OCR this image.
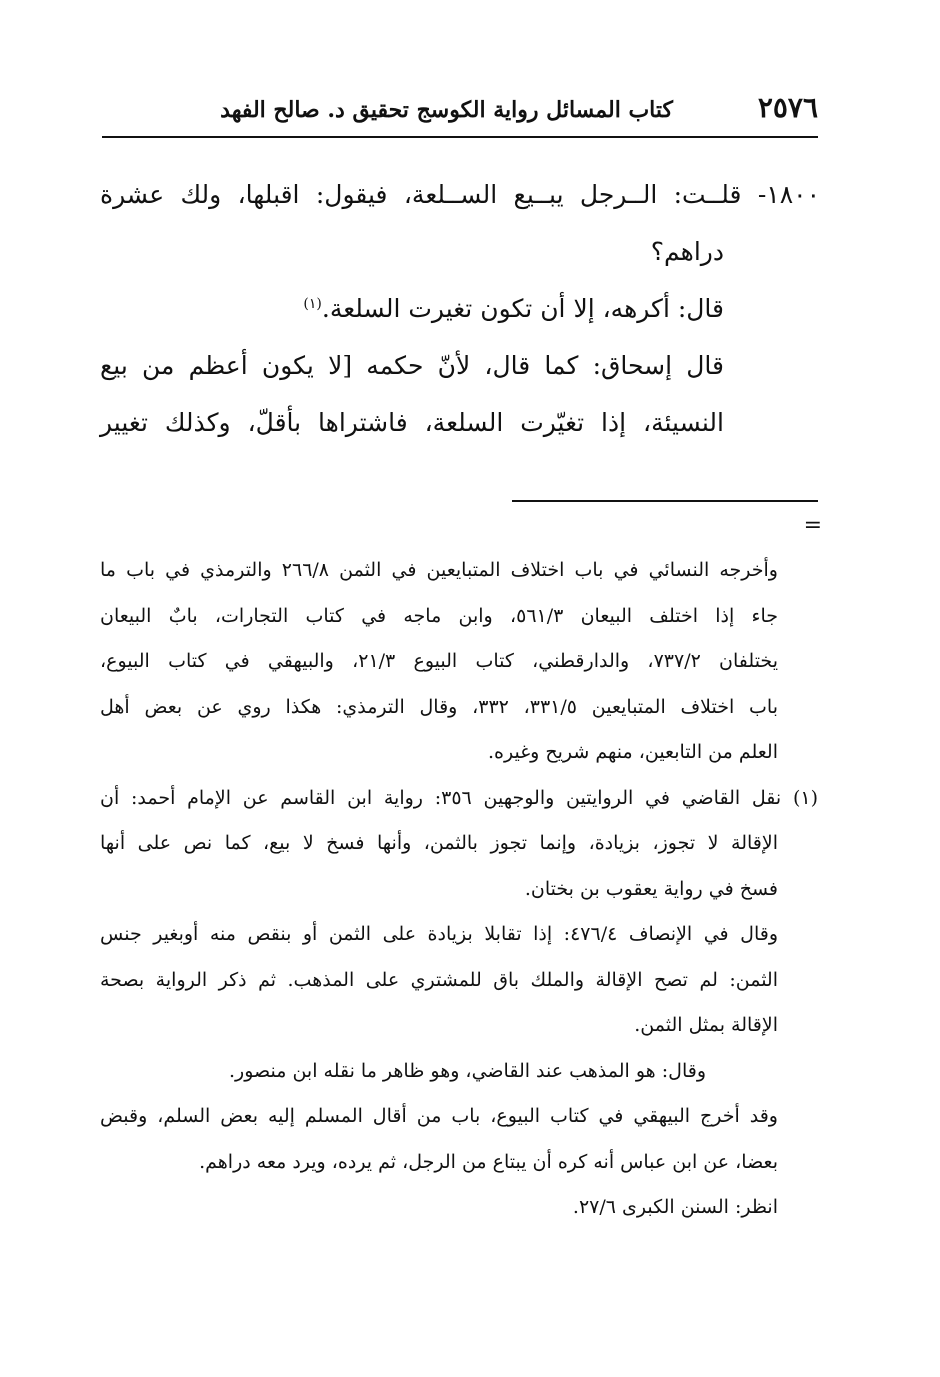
٢٥٧٦
كتاب المسائل رواية الكوسج تحقيق د. صالح الفهد

١٨٠٠- قلــت: الــرجل يبــيع الســلعة، فيقول: اقبلها، ولك عشرة

دراهم؟

قال: أكرهه، إلا أن تكون تغيرت السلعة.$^{(١)}$

قال إسحاق: كما قال، لأنّ حكمه [لا يكون أعظم من بيع

النسيئة، إذا تغيّرت السلعة، فاشتراها بأقلّ، وكذلك تغيير

=
وأخرجه النسائي في باب اختلاف المتبايعين في الثمن ٢٦٦/٨ والترمذي في باب ما
جاء إذا اختلف البيعان ٥٦١/٣، وابن ماجه في كتاب التجارات، بابٌ البيعان
يختلفان ٧٣٧/٢، والدارقطني، كتاب البيوع ٢١/٣، والبيهقي في كتاب البيوع،
باب اختلاف المتبايعين ٣٣١/٥، ٣٣٢، وقال الترمذي: هكذا روي عن بعض أهل
العلم من التابعين، منهم شريح وغيره.
(١) نقل القاضي في الروايتين والوجهين ٣٥٦: رواية ابن القاسم عن الإمام أحمد: أن
الإقالة لا تجوز، بزيادة، وإنما تجوز بالثمن، وأنها فسخ لا بيع، كما نص على أنها
فسخ في رواية يعقوب بن بختان.
وقال في الإنصاف ٤٧٦/٤: إذا تقابلا بزيادة على الثمن أو بنقص منه أوبغير جنس
الثمن: لم تصح الإقالة والملك باق للمشتري على المذهب. ثم ذكر الرواية بصحة
الإقالة بمثل الثمن.
وقال: هو المذهب عند القاضي، وهو ظاهر ما نقله ابن منصور.
وقد أخرج البيهقي في كتاب البيوع، باب من أقال المسلم إليه بعض السلم، وقبض
بعضا، عن ابن عباس أنه كره أن يبتاع من الرجل، ثم يرده، ويرد معه دراهم.
انظر: السنن الكبرى ٢٧/٦.
